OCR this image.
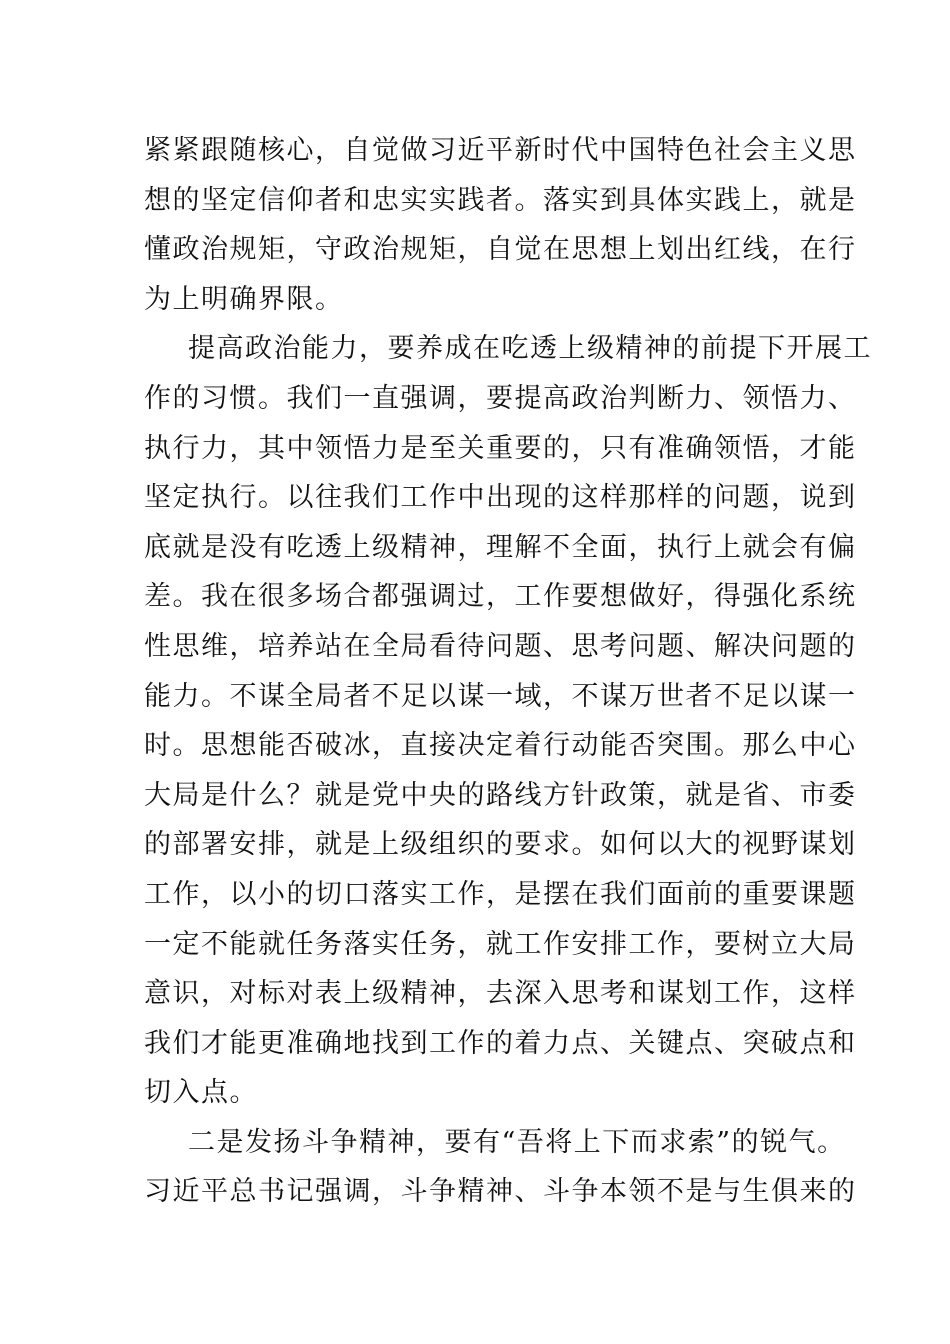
紧紧跟随核心，自觉做习近平新时代中国特色社会主义思
想的坚定信仰者和忠实实践者。落实到具体实践上，就是
懂政治规矩，守政治规矩，自觉在思想上划出红线，在行
为上明确界限。
提高政治能力，要养成在吃透上级精神的前提下开展工
作的习惯。我们一直强调，要提高政治判断力、领悟力、
执行力，其中领悟力是至关重要的，只有准确领悟，才能
坚定执行。以往我们工作中出现的这样那样的问题，说到
底就是没有吃透上级精神，理解不全面，执行上就会有偏
差。我在很多场合都强调过，工作要想做好，得强化系统
性思维，培养站在全局看待问题、思考问题、解决问题的
能力。不谋全局者不足以谋一域，不谋万世者不足以谋一
时。思想能否破冰，直接决定着行动能否突围。那么中心
大局是什么？就是党中央的路线方针政策，就是省、市委
的部署安排，就是上级组织的要求。如何以大的视野谋划
工作，以小的切口落实工作，是摆在我们面前的重要课题
一定不能就任务落实任务，就工作安排工作，要树立大局
意识，对标对表上级精神，去深入思考和谋划工作，这样
我们才能更准确地找到工作的着力点、关键点、突破点和
切入点。
二是发扬斗争精神，要有“吾将上下而求索”的锐气。
习近平总书记强调，斗争精神、斗争本领不是与生俱来的
